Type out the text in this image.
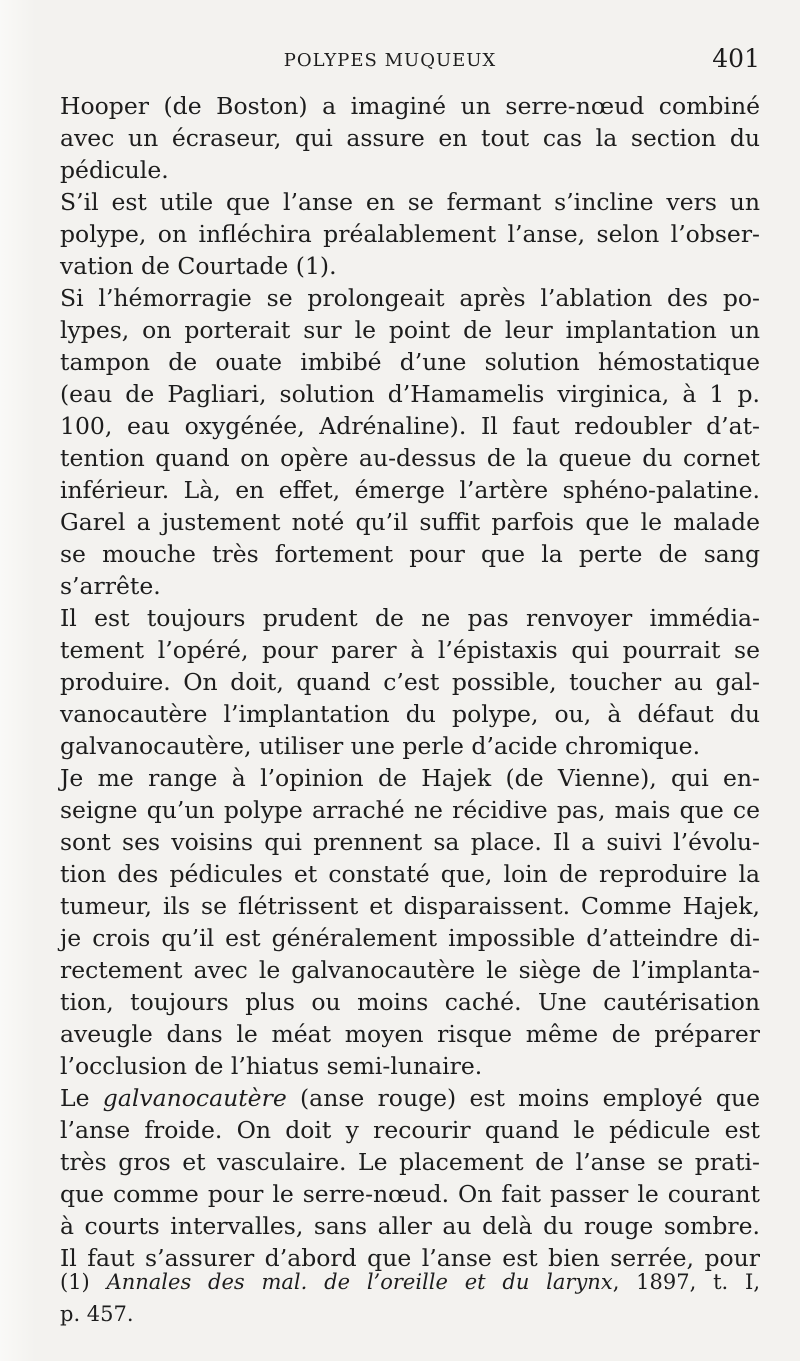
POLYPES MUQUEUX	401
Hooper (de Boston) a imaginé un serre-nœud combiné
avec un écraseur, qui assure en tout cas la section du
pédicule.
S’il est utile que l’anse en se fermant s’incline vers un
polype, on infléchira préalablement l’anse, selon l’obser-
vation de Courtade (1).
Si l’hémorragie se prolongeait après l’ablation des po-
lypes, on porterait sur le point de leur implantation un
tampon de ouate imbibé d’une solution hémostatique
(eau de Pagliari, solution d’Hamamelis virginica, à 1 p.
100, eau oxygénée, Adrénaline). Il faut redoubler d’at-
tention quand on opère au-dessus de la queue du cornet
inférieur. Là, en effet, émerge l’artère sphéno-palatine.
Garel a justement noté qu’il suffit parfois que le malade
se mouche très fortement pour que la perte de sang
s’arrête.
Il est toujours prudent de ne pas renvoyer immédia-
tement l’opéré, pour parer à l’épistaxis qui pourrait se
produire. On doit, quand c’est possible, toucher au gal-
vanocautère l’implantation du polype, ou, à défaut du
galvanocautère, utiliser une perle d’acide chromique.
Je me range à l’opinion de Hajek (de Vienne), qui en-
seigne qu’un polype arraché ne récidive pas, mais que ce
sont ses voisins qui prennent sa place. Il a suivi l’évolu-
tion des pédicules et constaté que, loin de reproduire la
tumeur, ils se flétrissent et disparaissent. Comme Hajek,
je crois qu’il est généralement impossible d’atteindre di-
rectement avec le galvanocautère le siège de l’implanta-
tion, toujours plus ou moins caché. Une cautérisation
aveugle dans le méat moyen risque même de préparer
l’occlusion de l’hiatus semi-lunaire.
Le galvanocautère (anse rouge) est moins employé que
l’anse froide. On doit y recourir quand le pédicule est
très gros et vasculaire. Le placement de l’anse se prati-
que comme pour le serre-nœud. On fait passer le courant
à courts intervalles, sans aller au delà du rouge sombre.
Il faut s’assurer d’abord que l’anse est bien serrée, pour
(1) Annales des mal. de l’oreille et du larynx, 1897, t. I,
p. 457.
